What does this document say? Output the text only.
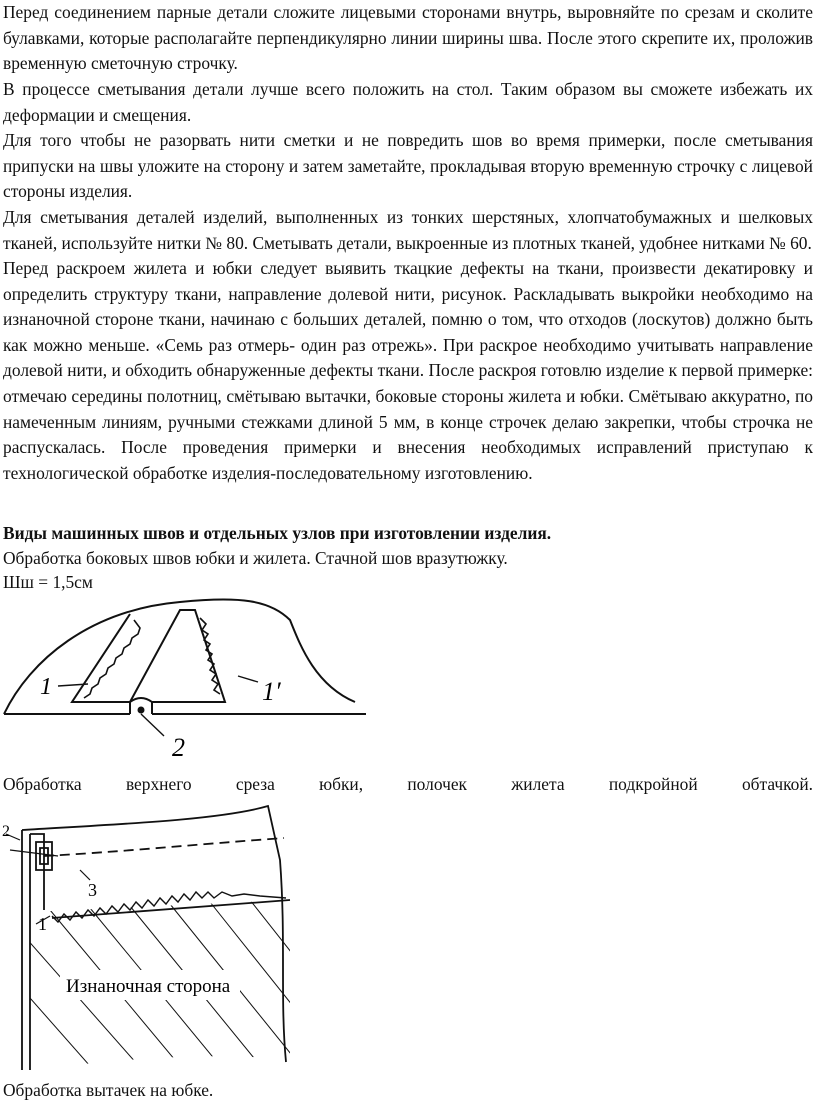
Перед соединением парные детали сложите лицевыми сторонами внутрь, выровняйте по срезам и сколите булавками, которые располагайте перпендикулярно линии ширины шва. После этого скрепите их, проложив временную сметочную строчку.

В процессе сметывания детали лучше всего положить на стол. Таким образом вы сможете избежать их деформации и смещения.

Для того чтобы не разорвать нити сметки и не повредить шов во время примерки, после сметывания припуски на швы уложите на сторону и затем заметайте, прокладывая вторую временную строчку с лицевой стороны изделия.

Для сметывания деталей изделий, выполненных из тонких шерстяных, хлопчатобумажных и шелковых тканей, используйте нитки № 80. Сметывать детали, выкроенные из плотных тканей, удобнее нитками № 60.

Перед раскроем жилета и юбки следует выявить ткацкие дефекты на ткани, произвести декатировку и определить структуру ткани, направление долевой нити, рисунок. Раскладывать выкройки необходимо на изнаночной стороне ткани, начинаю с больших деталей, помню о том, что отходов (лоскутов) должно быть как можно меньше. «Семь раз отмерь- один раз отрежь». При раскрое необходимо учитывать направление долевой нити, и обходить обнаруженные дефекты ткани. После раскроя готовлю изделие к первой примерке: отмечаю середины полотниц, смётываю вытачки, боковые стороны жилета и юбки. Смётываю аккуратно, по намеченным линиям, ручными стежками длиной 5 мм, в конце строчек делаю закрепки, чтобы строчка не распускалась. После проведения примерки и внесения необходимых исправлений приступаю к технологической обработке изделия-последовательному изготовлению.

Виды машинных швов и отдельных узлов при изготовлении изделия.

Обработка боковых швов юбки и жилета. Стачной шов вразутюжку.

Шш = 1,5см

1	1′
2

Обработка верхнего среза юбки, полочек жилета подкройной обтачкой.

2
3
1
Изнаночная сторона

Обработка вытачек на юбке.
